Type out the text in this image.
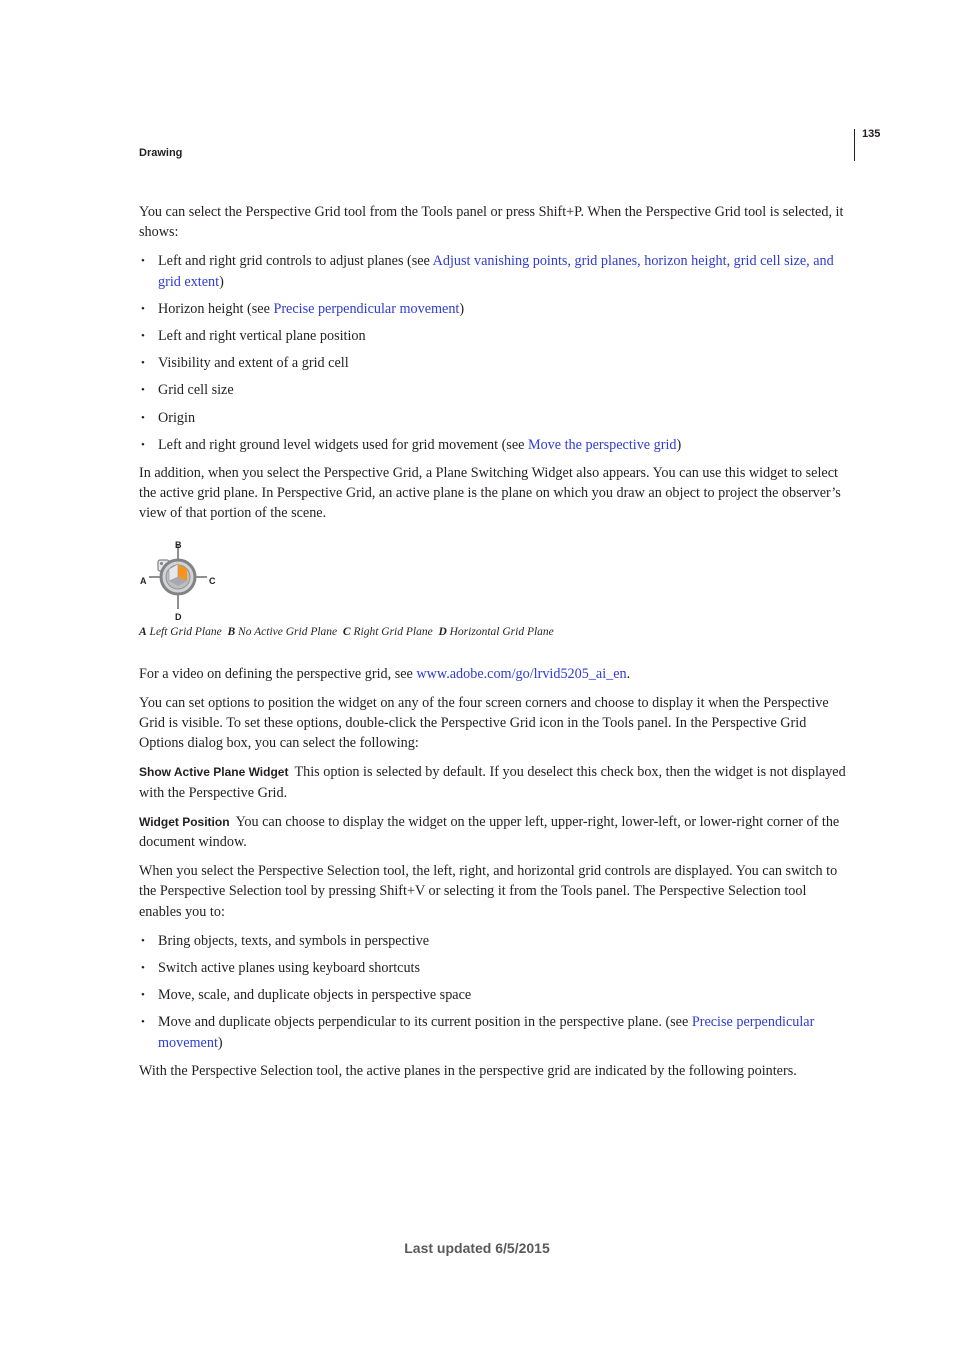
135
Drawing

You can select the Perspective Grid tool from the Tools panel or press Shift+P. When the Perspective Grid tool is selected, it shows:

• Left and right grid controls to adjust planes (see Adjust vanishing points, grid planes, horizon height, grid cell size, and grid extent)
• Horizon height (see Precise perpendicular movement)
• Left and right vertical plane position
• Visibility and extent of a grid cell
• Grid cell size
• Origin
• Left and right ground level widgets used for grid movement (see Move the perspective grid)

In addition, when you select the Perspective Grid, a Plane Switching Widget also appears. You can use this widget to select the active grid plane. In Perspective Grid, an active plane is the plane on which you draw an object to project the observer’s view of that portion of the scene.

B
A	C
D

A Left Grid Plane B No Active Grid Plane C Right Grid Plane D Horizontal Grid Plane

For a video on defining the perspective grid, see www.adobe.com/go/lrvid5205_ai_en.

You can set options to position the widget on any of the four screen corners and choose to display it when the Perspective Grid is visible. To set these options, double-click the Perspective Grid icon in the Tools panel. In the Perspective Grid Options dialog box, you can select the following:

Show Active Plane Widget This option is selected by default. If you deselect this check box, then the widget is not displayed with the Perspective Grid.

Widget Position You can choose to display the widget on the upper left, upper-right, lower-left, or lower-right corner of the document window.

When you select the Perspective Selection tool, the left, right, and horizontal grid controls are displayed. You can switch to the Perspective Selection tool by pressing Shift+V or selecting it from the Tools panel. The Perspective Selection tool enables you to:

• Bring objects, texts, and symbols in perspective
• Switch active planes using keyboard shortcuts
• Move, scale, and duplicate objects in perspective space
• Move and duplicate objects perpendicular to its current position in the perspective plane. (see Precise perpendicular movement)

With the Perspective Selection tool, the active planes in the perspective grid are indicated by the following pointers.

Last updated 6/5/2015
